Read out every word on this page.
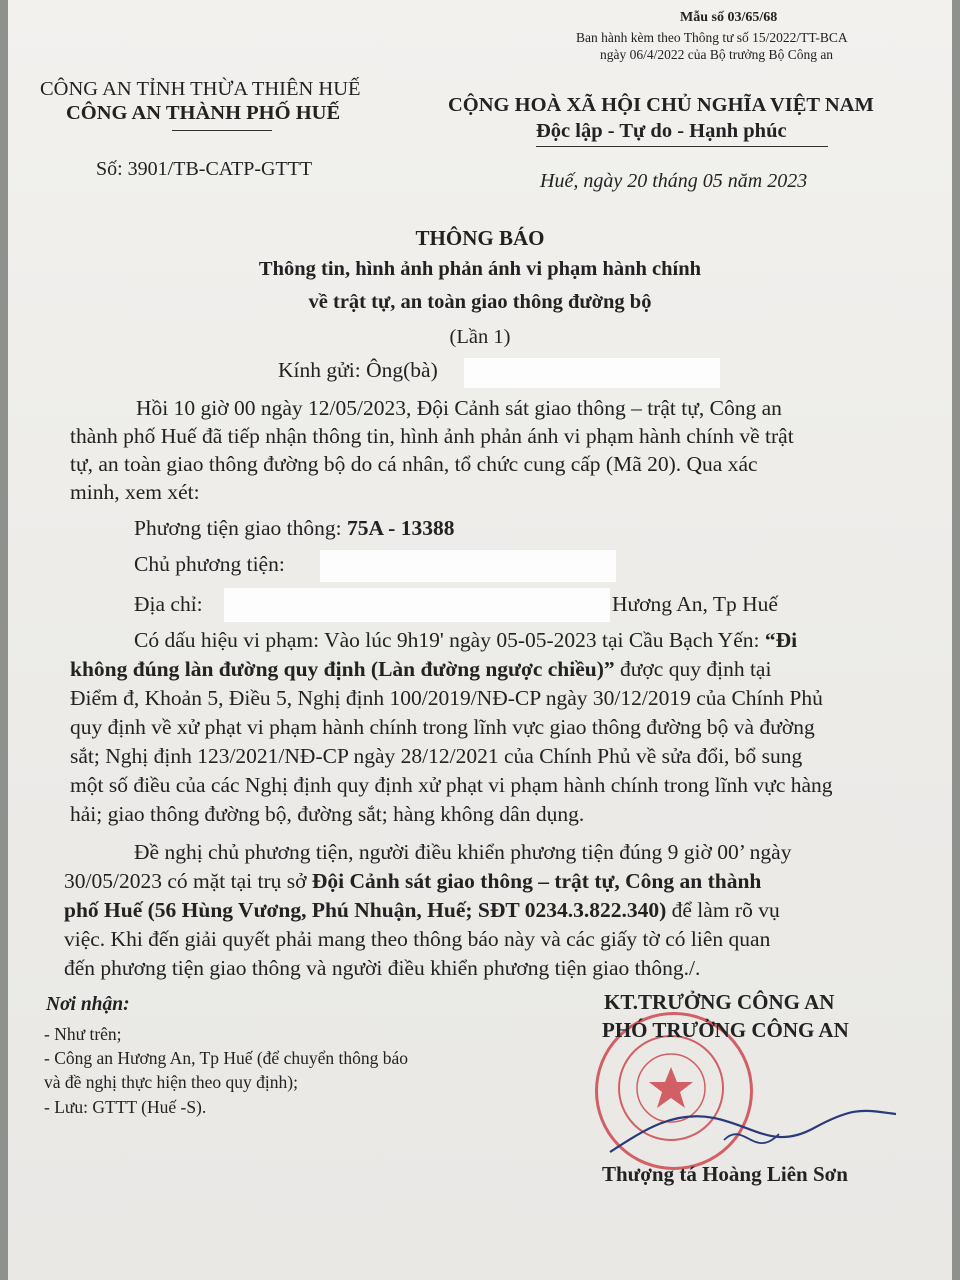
Mẫu số 03/65/68
Ban hành kèm theo Thông tư số 15/2022/TT-BCA
ngày 06/4/2022 của Bộ trưởng Bộ Công an
CÔNG AN TỈNH THỪA THIÊN HUẾ
CÔNG AN THÀNH PHỐ HUẾ
Số: 3901/TB-CATP-GTTT
CỘNG HOÀ XÃ HỘI CHỦ NGHĨA VIỆT NAM
Độc lập - Tự do - Hạnh phúc
Huế, ngày 20 tháng 05 năm 2023
THÔNG BÁO
Thông tin, hình ảnh phản ánh vi phạm hành chính
về trật tự, an toàn giao thông đường bộ
(Lần 1)
Kính gửi: Ông(bà)
Hồi 10 giờ 00 ngày 12/05/2023, Đội Cảnh sát giao thông – trật tự, Công an
thành phố Huế đã tiếp nhận thông tin, hình ảnh phản ánh vi phạm hành chính về trật
tự, an toàn giao thông đường bộ do cá nhân, tổ chức cung cấp (Mã 20). Qua xác
minh, xem xét:
Phương tiện giao thông: 75A - 13388
Chủ phương tiện:
Địa chỉ:	Hương An, Tp Huế
Có dấu hiệu vi phạm: Vào lúc 9h19' ngày 05-05-2023 tại Cầu Bạch Yến: “Đi
không đúng làn đường quy định (Làn đường ngược chiều)” được quy định tại
Điểm đ, Khoản 5, Điều 5, Nghị định 100/2019/NĐ-CP ngày 30/12/2019 của Chính Phủ
quy định về xử phạt vi phạm hành chính trong lĩnh vực giao thông đường bộ và đường
sắt; Nghị định 123/2021/NĐ-CP ngày 28/12/2021 của Chính Phủ về sửa đổi, bổ sung
một số điều của các Nghị định quy định xử phạt vi phạm hành chính trong lĩnh vực hàng
hải; giao thông đường bộ, đường sắt; hàng không dân dụng.
Đề nghị chủ phương tiện, người điều khiển phương tiện đúng 9 giờ 00’ ngày
30/05/2023 có mặt tại trụ sở Đội Cảnh sát giao thông – trật tự, Công an thành
phố Huế (56 Hùng Vương, Phú Nhuận, Huế; SĐT 0234.3.822.340) để làm rõ vụ
việc. Khi đến giải quyết phải mang theo thông báo này và các giấy tờ có liên quan
đến phương tiện giao thông và người điều khiển phương tiện giao thông./.
Nơi nhận:
- Như trên;
- Công an Hương An, Tp Huế (để chuyển thông báo
và đề nghị thực hiện theo quy định);
- Lưu: GTTT (Huế -S).
KT.TRƯỞNG CÔNG AN
PHÓ TRƯỞNG CÔNG AN
Thượng tá Hoàng Liên Sơn
